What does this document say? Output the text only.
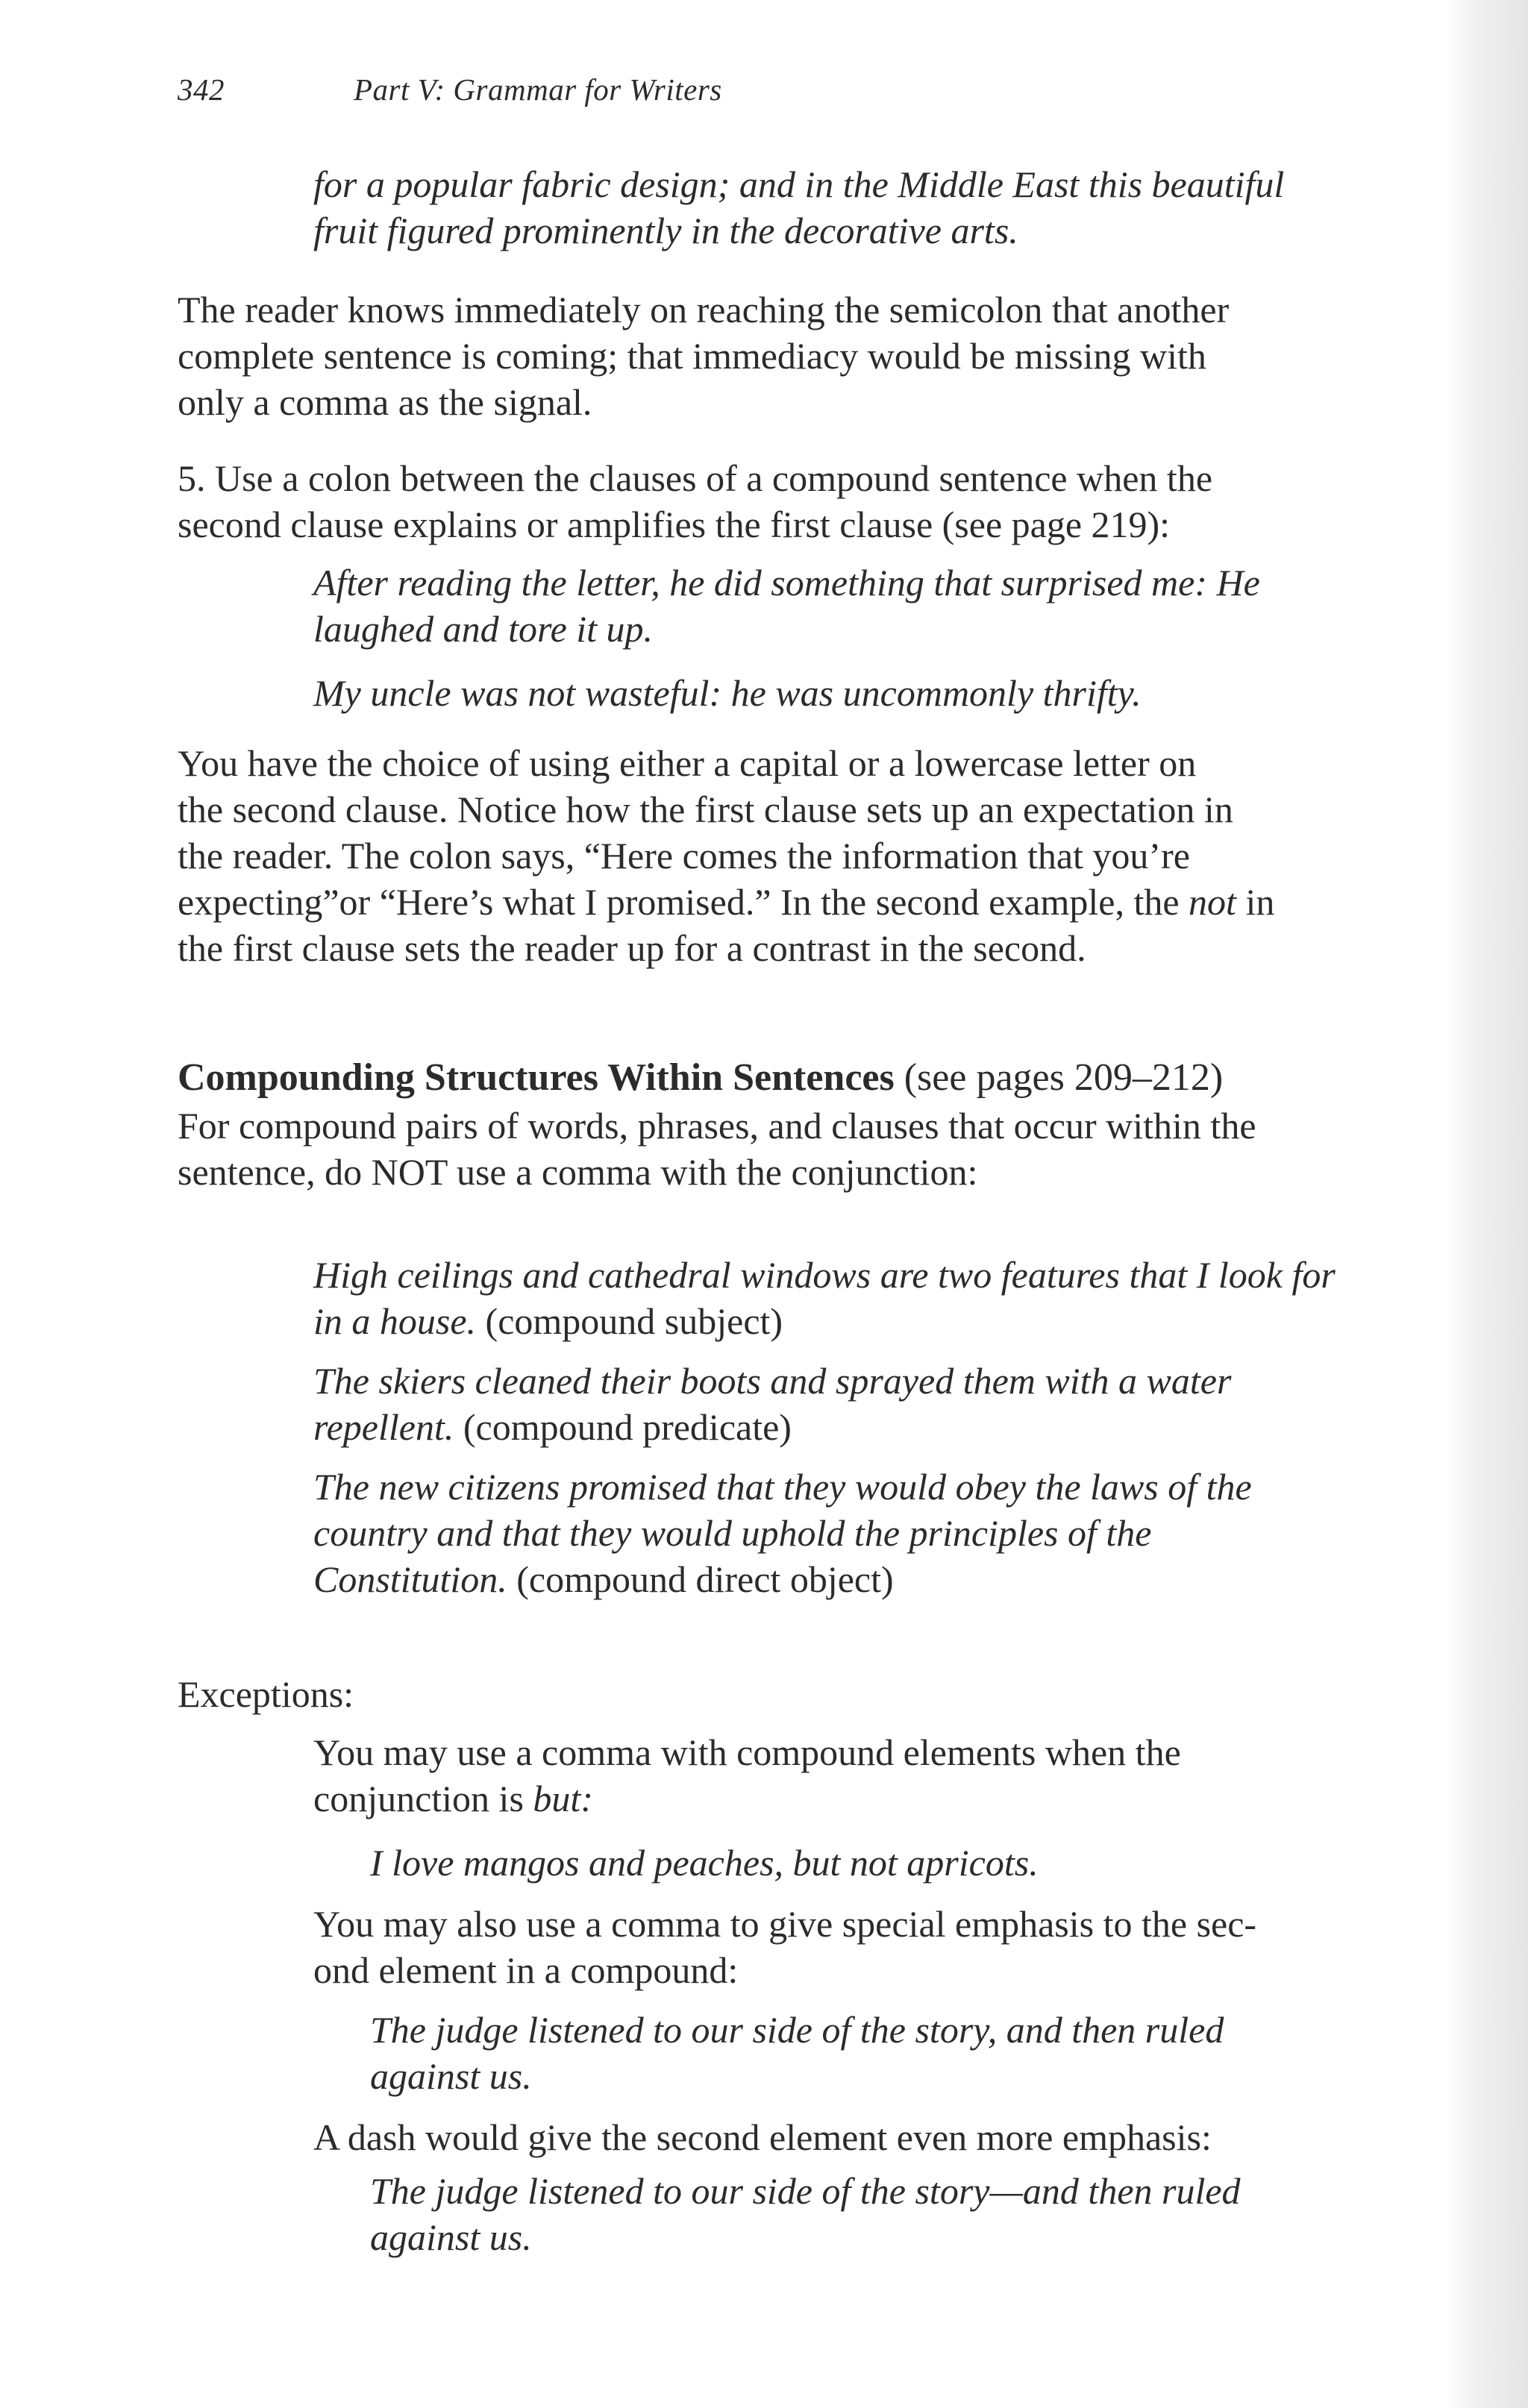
342	Part V: Grammar for Writers

for a popular fabric design; and in the Middle East this beautiful

fruit figured prominently in the decorative arts.

The reader knows immediately on reaching the semicolon that another

complete sentence is coming; that immediacy would be missing with

only a comma as the signal.

5. Use a colon between the clauses of a compound sentence when the

second clause explains or amplifies the first clause (see page 219):

After reading the letter, he did something that surprised me: He

laughed and tore it up.

My uncle was not wasteful: he was uncommonly thrifty.

You have the choice of using either a capital or a lowercase letter on

the second clause. Notice how the first clause sets up an expectation in

the reader. The colon says, “Here comes the information that you’re

expecting”or “Here’s what I promised.” In the second example, the not in

the first clause sets the reader up for a contrast in the second.

Compounding Structures Within Sentences (see pages 209–212)

For compound pairs of words, phrases, and clauses that occur within the

sentence, do NOT use a comma with the conjunction:

High ceilings and cathedral windows are two features that I look for

in a house. (compound subject)

The skiers cleaned their boots and sprayed them with a water

repellent. (compound predicate)

The new citizens promised that they would obey the laws of the

country and that they would uphold the principles of the

Constitution. (compound direct object)

Exceptions:

You may use a comma with compound elements when the

conjunction is but:

I love mangos and peaches, but not apricots.

You may also use a comma to give special emphasis to the sec-

ond element in a compound:

The judge listened to our side of the story, and then ruled

against us.

A dash would give the second element even more emphasis:

The judge listened to our side of the story—and then ruled

against us.
